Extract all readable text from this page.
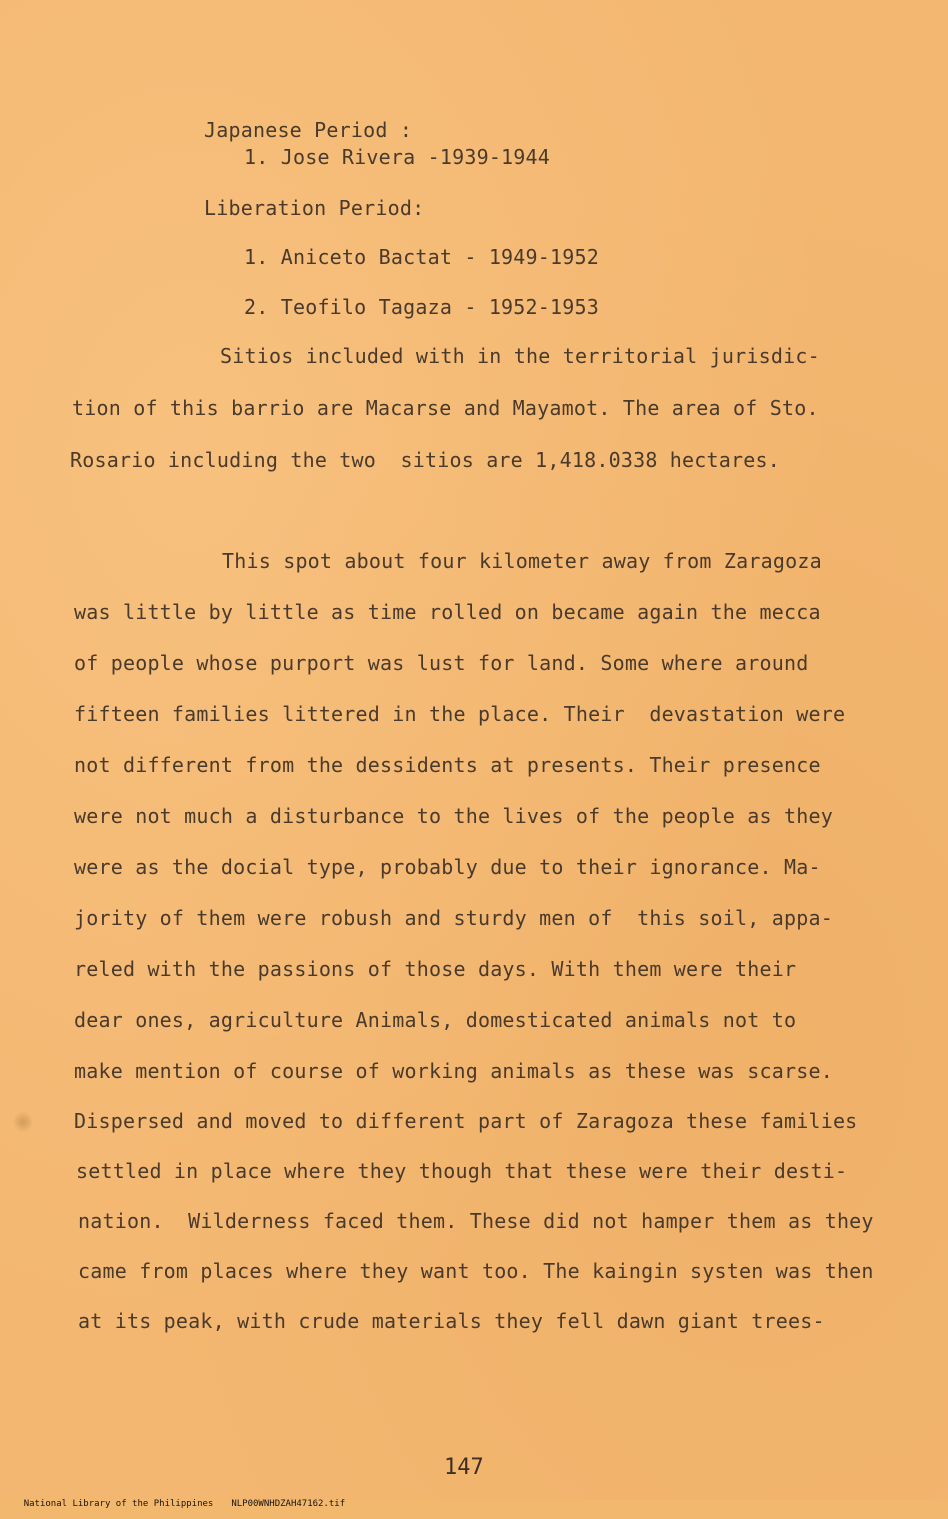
Japanese Period :

1. Jose Rivera -1939-1944

Liberation Period:

1. Aniceto Bactat - 1949-1952

2. Teofilo Tagaza - 1952-1953

Sitios included with in the territorial jurisdic-

tion of this barrio are Macarse and Mayamot. The area of Sto.

Rosario including the two  sitios are 1,418.0338 hectares.

This spot about four kilometer away from Zaragoza

was little by little as time rolled on became again the mecca

of people whose purport was lust for land. Some where around

fifteen families littered in the place. Their  devastation were

not different from the dessidents at presents. Their presence

were not much a disturbance to the lives of the people as they

were as the docial type, probably due to their ignorance. Ma-

jority of them were robush and sturdy men of  this soil, appa-

reled with the passions of those days. With them were their

dear ones, agriculture Animals, domesticated animals not to

make mention of course of working animals as these was scarse.

Dispersed and moved to different part of Zaragoza these families

settled in place where they though that these were their desti-

nation.  Wilderness faced them. These did not hamper them as they

came from places where they want too. The kaingin systen was then

at its peak, with crude materials they fell dawn giant trees-

147

National Library of the Philippines NLP00WNHDZAH47162.tif
